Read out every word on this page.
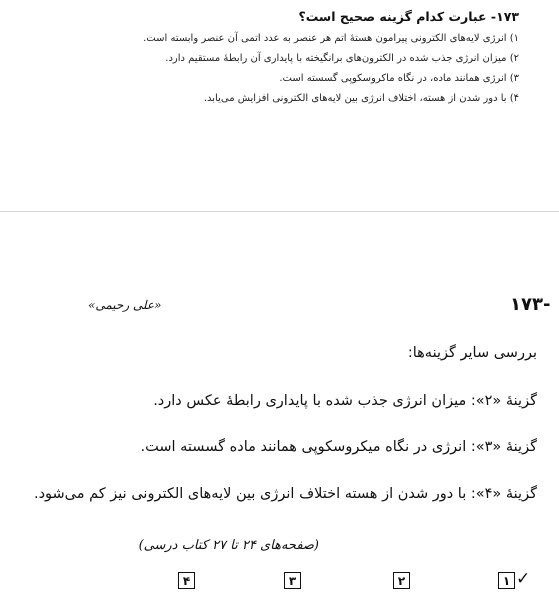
۱۷۳- عبارت کدام گزینه صحیح است؟
۱) انرژی لایه‌های الکترونی پیرامون هستهٔ اتم هر عنصر به عدد اتمی آن عنصر وابسته است.
۲) میزان انرژی جذب شده در الکترون‌های برانگیخته با پایداری آن رابطهٔ مستقیم دارد.
۳) انرژی همانند ماده، در نگاه ماکروسکوپی گسسته است.
۴) با دور شدن از هسته، اختلاف انرژی بین لایه‌های الکترونی افزایش می‌یابد.
-۱۷۳
«علی رحیمی»
بررسی سایر گزینه‌ها:
گزینهٔ «۲»: میزان انرژی جذب شده با پایداری رابطهٔ عکس دارد.
گزینهٔ «۳»: انرژی در نگاه میکروسکوپی همانند ماده گسسته است.
گزینهٔ «۴»: با دور شدن از هسته اختلاف انرژی بین لایه‌های الکترونی نیز کم می‌شود.
(صفحه‌های ۲۴ تا ۲۷ کتاب درسی)
۱ ✓
۲
۳
۴
